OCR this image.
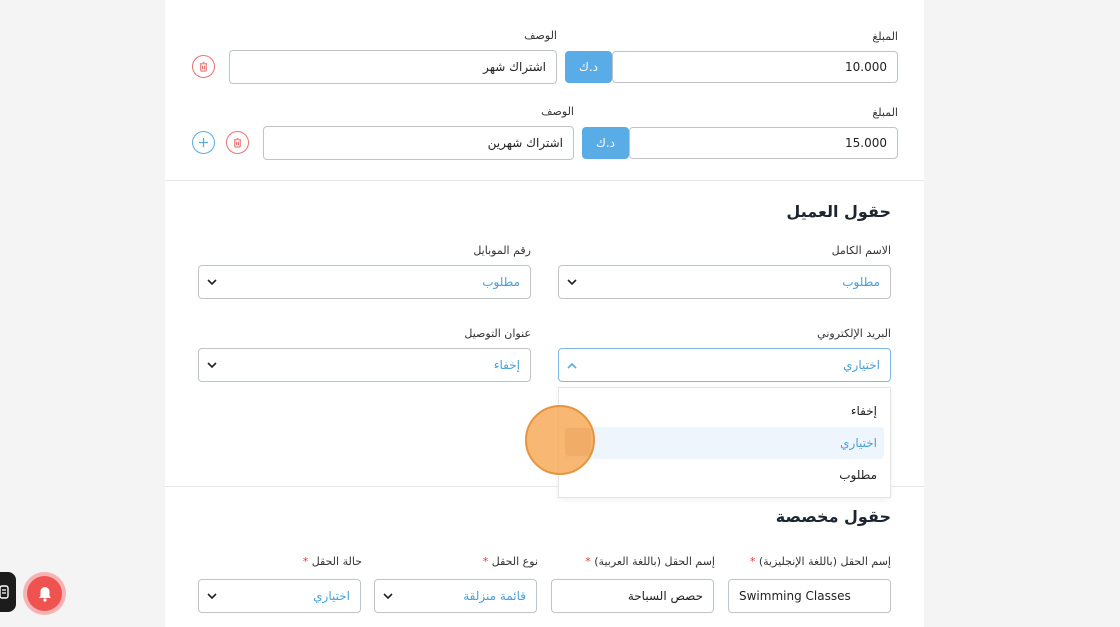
المبلغ
الوصف
10.000
د.ك
اشتراك شهر
المبلغ
الوصف
15.000
د.ك
اشتراك شهرين
حقول العميل
الاسم الكامل
مطلوب
رقم الموبايل
مطلوب
البريد الإلكتروني
اختياري
عنوان التوصيل
إخفاء
إخفاء
اختياري
مطلوب
حقول مخصصة
إسم الحقل (باللغة الإنجليزية) *
Swimming Classes
إسم الحقل (باللغة العربية) *
حصص السباحة
نوع الحقل *
قائمة منزلقة
حالة الحقل *
اختياري
